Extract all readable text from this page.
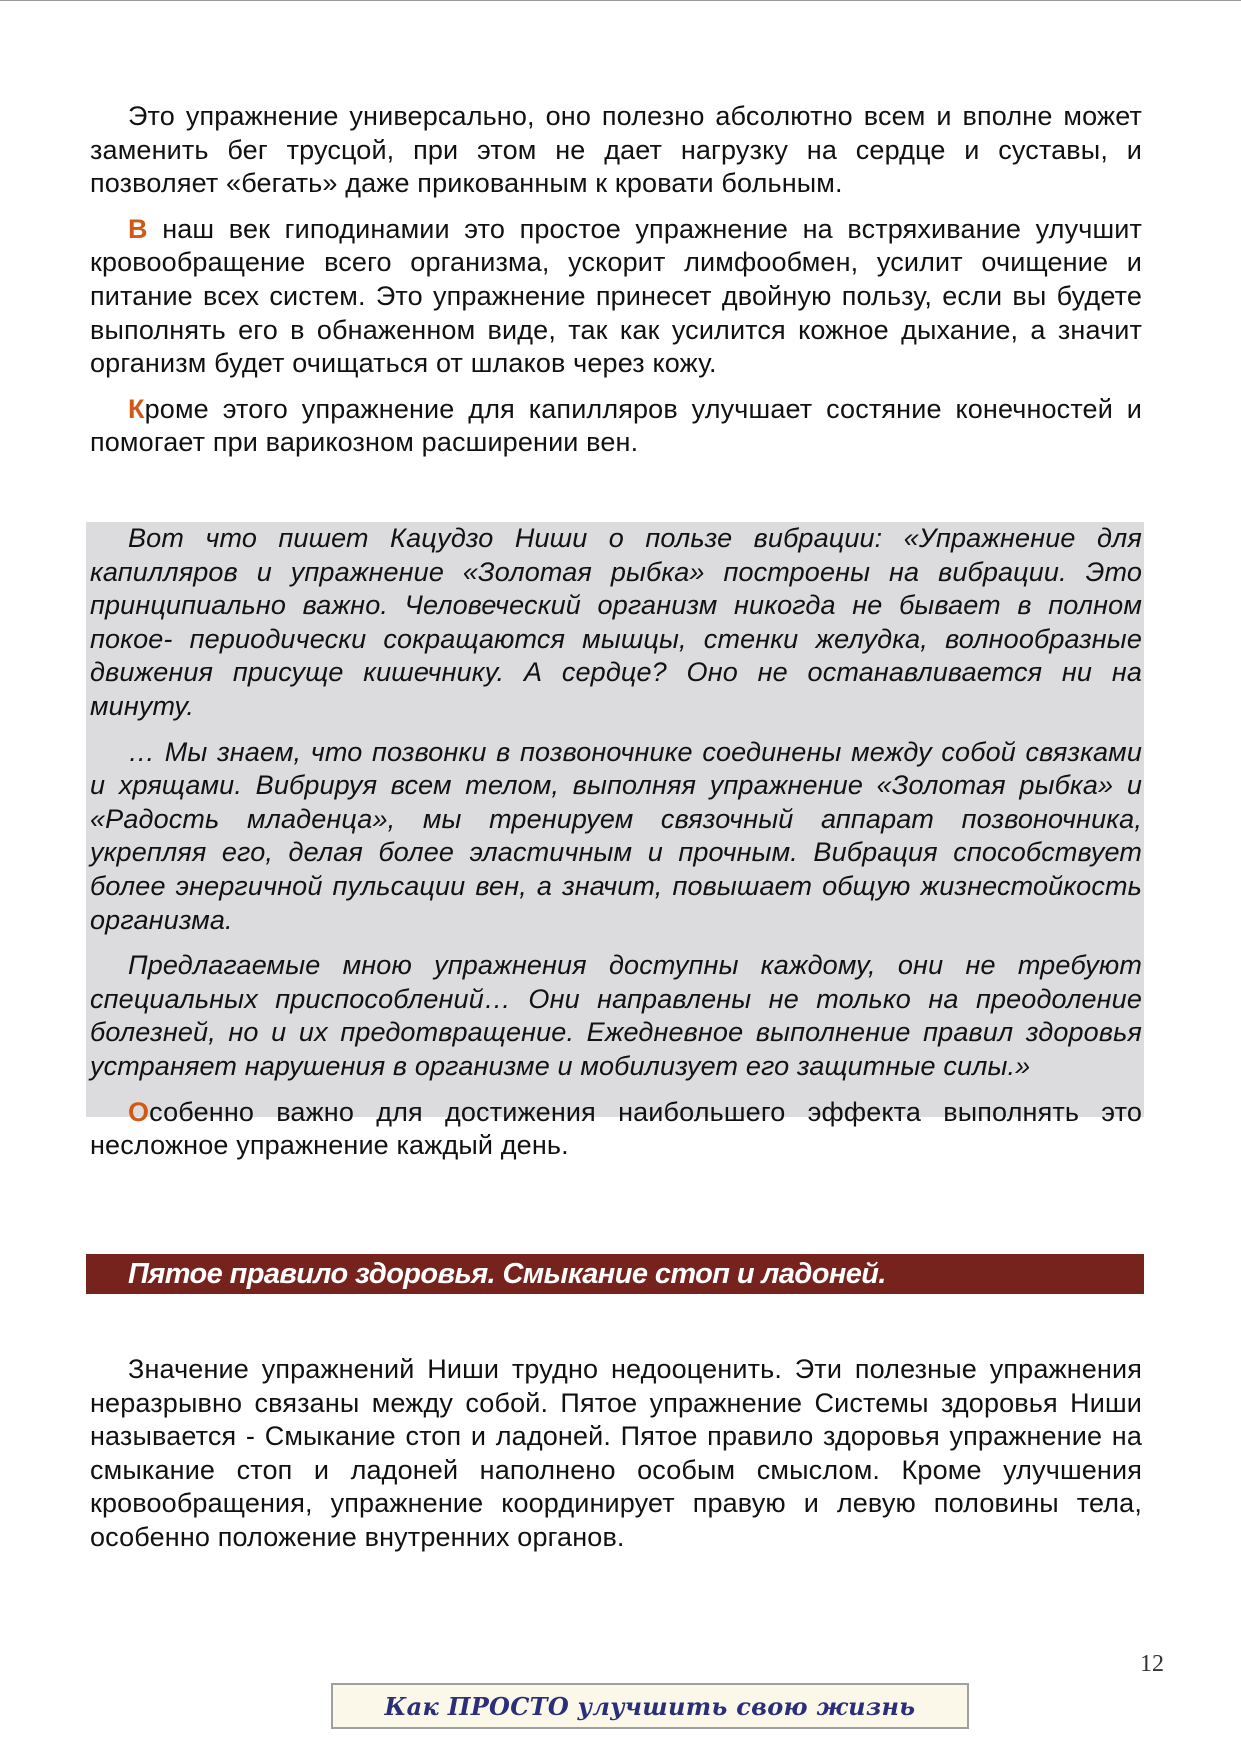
Это упражнение универсально, оно полезно абсолютно всем и вполне может заменить бег трусцой, при этом не дает нагрузку на сердце и суставы, и позволяет «бегать» даже прикованным к кровати больным.

В наш век гиподинамии это простое упражнение на встряхивание улучшит кровообращение всего организма, ускорит лимфообмен, усилит очищение и питание всех систем. Это упражнение принесет двойную пользу, если вы будете выполнять его в обнаженном виде, так как усилится кожное дыхание, а значит организм будет очищаться от шлаков через кожу.

Кроме этого упражнение для капилляров улучшает состяние конечностей и помогает при варикозном расширении вен.

Вот что пишет Кацудзо Ниши о пользе вибрации: «Упражнение для капилляров и упражнение «Золотая рыбка» построены на вибрации. Это принципиально важно. Человеческий организм никогда не бывает в полном покое- периодически сокращаются мышцы, стенки желудка, волнообразные движения присуще кишечнику. А сердце? Оно не останавливается ни на минуту.

… Мы знаем, что позвонки в позвоночнике соединены между собой связками и хрящами. Вибрируя всем телом, выполняя упражнение «Золотая рыбка» и «Радость младенца», мы тренируем связочный аппарат позвоночника, укрепляя его, делая более эластичным и прочным. Вибрация способствует более энергичной пульсации вен, а значит, повышает общую жизнестойкость организма.

Предлагаемые мною упражнения доступны каждому, они не требуют специальных приспособлений… Они направлены не только на преодоление болезней, но и их предотвращение. Ежедневное выполнение правил здоровья устраняет нарушения в организме и мобилизует его защитные силы.»

Особенно важно для достижения наибольшего эффекта выполнять это несложное упражнение каждый день.

Пятое правило здоровья. Смыкание стоп и ладоней.

Значение упражнений Ниши трудно недооценить. Эти полезные упражнения неразрывно связаны между собой. Пятое упражнение Системы здоровья Ниши называется - Смыкание стоп и ладоней. Пятое правило здоровья упражнение на смыкание стоп и ладоней наполнено особым смыслом. Кроме улучшения кровообращения, упражнение координирует правую и левую половины тела, особенно положение внутренних органов.

12
Как ПРОСТО улучшить свою жизнь
